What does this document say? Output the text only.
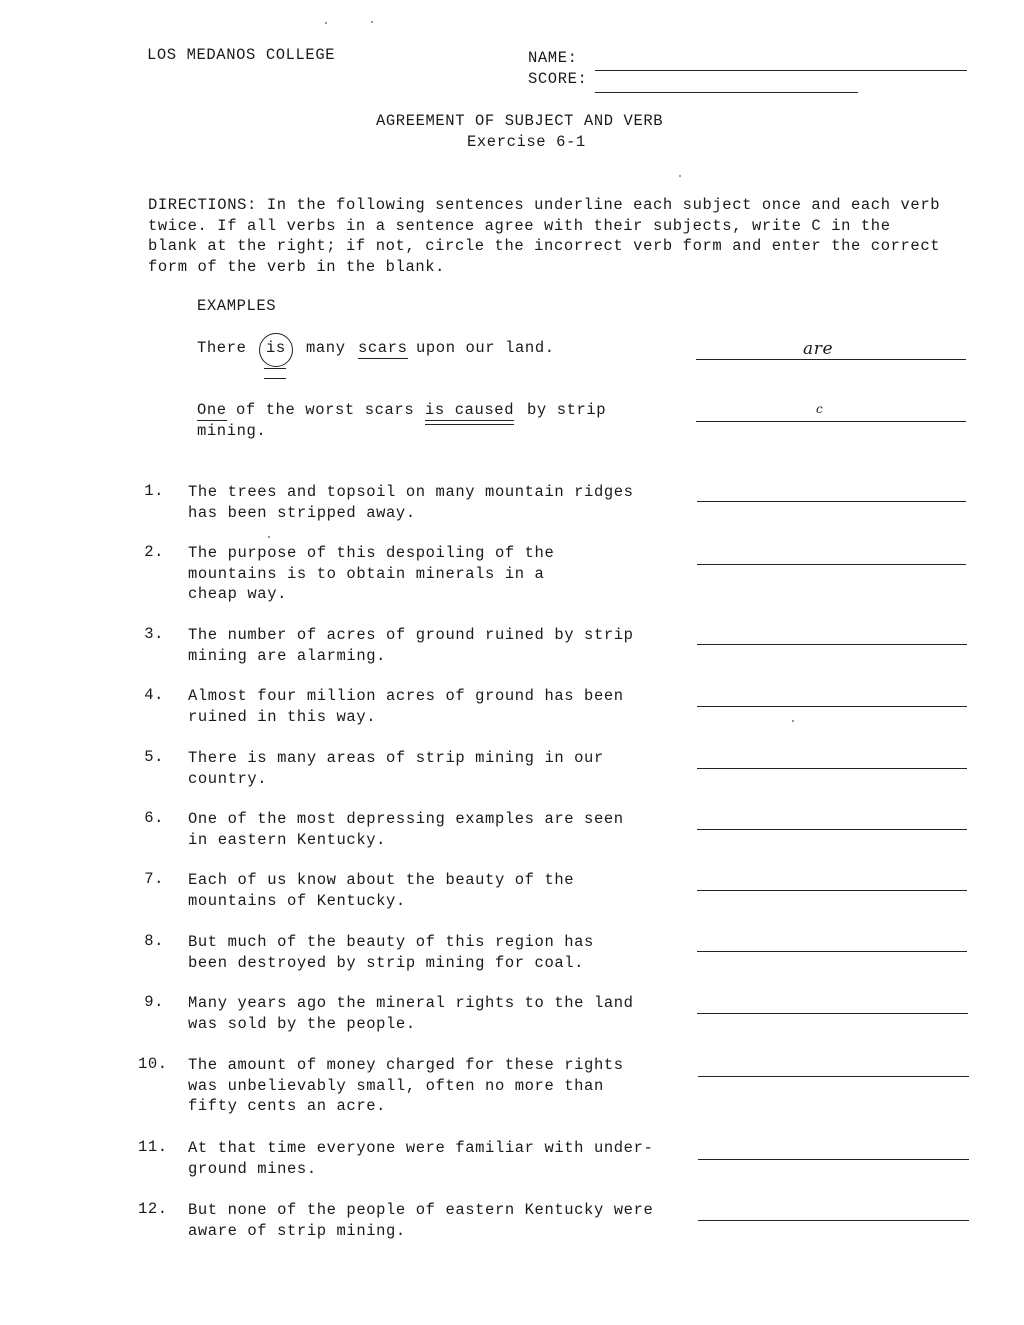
LOS MEDANOS COLLEGE	NAME:
SCORE:
AGREEMENT OF SUBJECT AND VERB
Exercise 6-1
DIRECTIONS: In the following sentences underline each subject once and each verb
twice. If all verbs in a sentence agree with their subjects, write C in the
blank at the right; if not, circle the incorrect verb form and enter the correct
form of the verb in the blank.
EXAMPLES
There is many scars upon our land.	are
One of the worst scars is caused by strip
mining.
c
1. The trees and topsoil on many mountain ridges
has been stripped away.
2. The purpose of this despoiling of the
mountains is to obtain minerals in a
cheap way.
3. The number of acres of ground ruined by strip
mining are alarming.
4. Almost four million acres of ground has been
ruined in this way.
5. There is many areas of strip mining in our
country.
6. One of the most depressing examples are seen
in eastern Kentucky.
7. Each of us know about the beauty of the
mountains of Kentucky.
8. But much of the beauty of this region has
been destroyed by strip mining for coal.
9. Many years ago the mineral rights to the land
was sold by the people.
10. The amount of money charged for these rights
was unbelievably small, often no more than
fifty cents an acre.
11. At that time everyone were familiar with under-
ground mines.
12. But none of the people of eastern Kentucky were
aware of strip mining.
